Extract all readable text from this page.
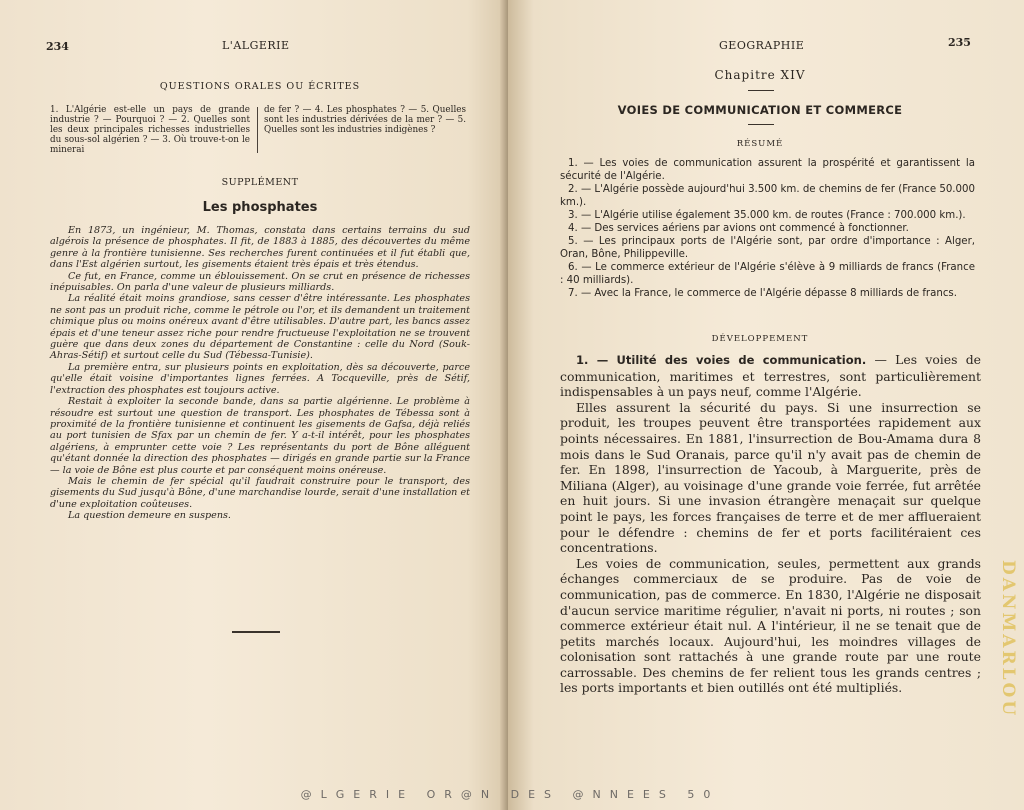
234	L'ALGERIE
QUESTIONS ORALES OU ÉCRITES
1. L'Algérie est-elle un pays de grande industrie ? — Pourquoi ? — 2. Quelles sont les deux principales richesses industrielles du sous-sol algérien ? — 3. Où trouve-t-on le minerai
de fer ? — 4. Les phosphates ? — 5. Quelles sont les industries dérivées de la mer ? — 5. Quelles sont les industries indigènes ?
SUPPLÉMENT
Les phosphates

En 1873, un ingénieur, M. Thomas, constata dans certains terrains du sud algérois la présence de phosphates. Il fit, de 1883 à 1885, des découvertes du même genre à la frontière tunisienne. Ses recherches furent continuées et il fut établi que, dans l'Est algérien surtout, les gisements étaient très épais et très étendus.

Ce fut, en France, comme un éblouissement. On se crut en présence de richesses inépuisables. On parla d'une valeur de plusieurs milliards.

La réalité était moins grandiose, sans cesser d'être intéressante. Les phosphates ne sont pas un produit riche, comme le pétrole ou l'or, et ils demandent un traitement chimique plus ou moins onéreux avant d'être utilisables. D'autre part, les bancs assez épais et d'une teneur assez riche pour rendre fructueuse l'exploitation ne se trouvent guère que dans deux zones du département de Constantine : celle du Nord (Souk-Ahras-Sétif) et surtout celle du Sud (Tébessa-Tunisie).

La première entra, sur plusieurs points en exploitation, dès sa découverte, parce qu'elle était voisine d'importantes lignes ferrées. A Tocqueville, près de Sétif, l'extraction des phosphates est toujours active.

Restait à exploiter la seconde bande, dans sa partie algérienne. Le problème à résoudre est surtout une question de transport. Les phosphates de Tébessa sont à proximité de la frontière tunisienne et continuent les gisements de Gafsa, déjà reliés au port tunisien de Sfax par un chemin de fer. Y a-t-il intérêt, pour les phosphates algériens, à emprunter cette voie ? Les représentants du port de Bône alléguent qu'étant donnée la direction des phosphates — dirigés en grande partie sur la France — la voie de Bône est plus courte et par conséquent moins onéreuse.

Mais le chemin de fer spécial qu'il faudrait construire pour le transport, des gisements du Sud jusqu'à Bône, d'une marchandise lourde, serait d'une installation et d'une exploitation coûteuses.

La question demeure en suspens.

GEOGRAPHIE	235
Chapitre XIV
VOIES DE COMMUNICATION ET COMMERCE
RÉSUMÉ

1. — Les voies de communication assurent la prospérité et garantissent la sécurité de l'Algérie.

2. — L'Algérie possède aujourd'hui 3.500 km. de chemins de fer (France 50.000 km.).

3. — L'Algérie utilise également 35.000 km. de routes (France : 700.000 km.).

4. — Des services aériens par avions ont commencé à fonctionner.

5. — Les principaux ports de l'Algérie sont, par ordre d'importance : Alger, Oran, Bône, Philippeville.

6. — Le commerce extérieur de l'Algérie s'élève à 9 milliards de francs (France : 40 milliards).

7. — Avec la France, le commerce de l'Algérie dépasse 8 milliards de francs.

DÉVELOPPEMENT

1. — Utilité des voies de communication. — Les voies de communication, maritimes et terrestres, sont particulièrement indispensables à un pays neuf, comme l'Algérie.

Elles assurent la sécurité du pays. Si une insurrection se produit, les troupes peuvent être transportées rapidement aux points nécessaires. En 1881, l'insurrection de Bou-Amama dura 8 mois dans le Sud Oranais, parce qu'il n'y avait pas de chemin de fer. En 1898, l'insurrection de Yacoub, à Marguerite, près de Miliana (Alger), au voisinage d'une grande voie ferrée, fut arrêtée en huit jours. Si une invasion étrangère menaçait sur quelque point le pays, les forces françaises de terre et de mer afflueraient pour le défendre : chemins de fer et ports facilitéraient ces concentrations.

Les voies de communication, seules, permettent aux grands échanges commerciaux de se produire. Pas de voie de communication, pas de commerce. En 1830, l'Algérie ne disposait d'aucun service maritime régulier, n'avait ni ports, ni routes ; son commerce extérieur était nul. A l'intérieur, il ne se tenait que de petits marchés locaux. Aujourd'hui, les moindres villages de colonisation sont rattachés à une grande route par une route carrossable. Des chemins de fer relient tous les grands centres ; les ports importants et bien outillés ont été multipliés.	DANMARLOU
@LGERIE OR@N DES @NNEES 50
